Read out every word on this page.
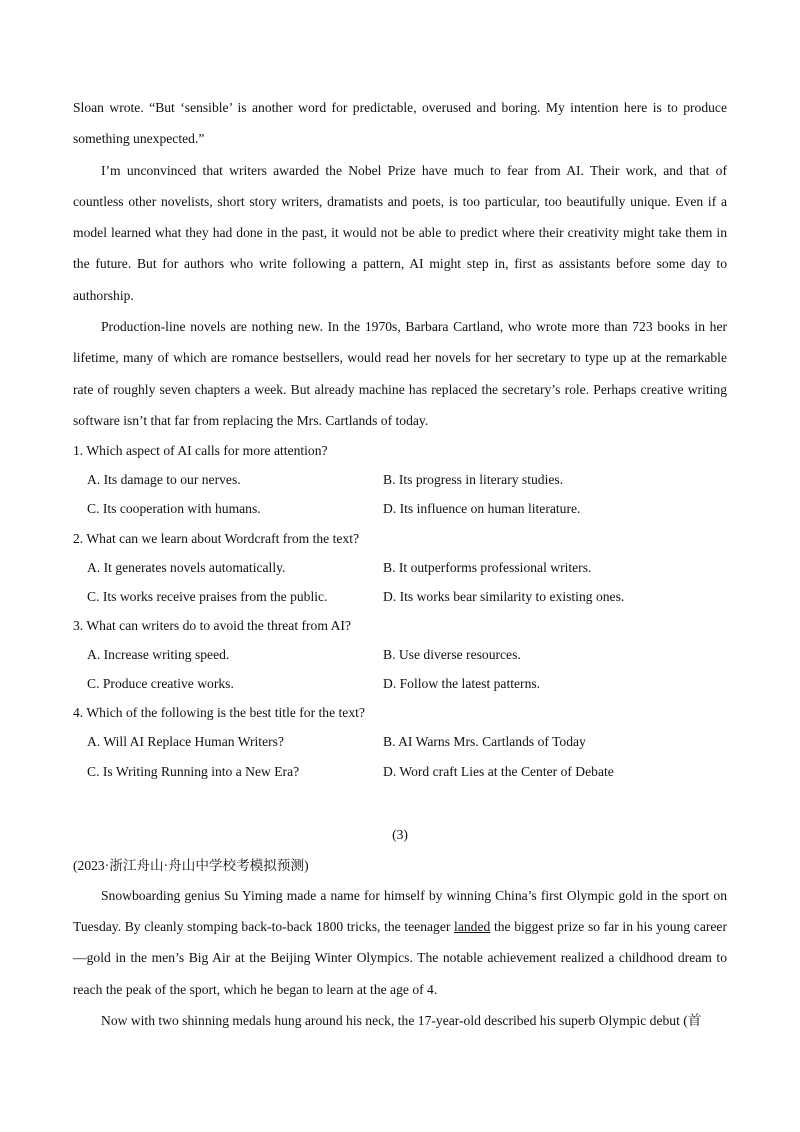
Sloan wrote. “But ‘sensible’ is another word for predictable, overused and boring. My intention here is to produce something unexpected.”

I’m unconvinced that writers awarded the Nobel Prize have much to fear from AI. Their work, and that of countless other novelists, short story writers, dramatists and poets, is too particular, too beautifully unique. Even if a model learned what they had done in the past, it would not be able to predict where their creativity might take them in the future. But for authors who write following a pattern, AI might step in, first as assistants before some day to authorship.

Production-line novels are nothing new. In the 1970s, Barbara Cartland, who wrote more than 723 books in her lifetime, many of which are romance bestsellers, would read her novels for her secretary to type up at the remarkable rate of roughly seven chapters a week. But already machine has replaced the secretary’s role. Perhaps creative writing software isn’t that far from replacing the Mrs. Cartlands of today.

1. Which aspect of AI calls for more attention?
A. Its damage to our nerves.	B. Its progress in literary studies.
C. Its cooperation with humans.	D. Its influence on human literature.
2. What can we learn about Wordcraft from the text?
A. It generates novels automatically.	B. It outperforms professional writers.
C. Its works receive praises from the public.	D. Its works bear similarity to existing ones.
3. What can writers do to avoid the threat from AI?
A. Increase writing speed.	B. Use diverse resources.
C. Produce creative works.	D. Follow the latest patterns.
4. Which of the following is the best title for the text?
A. Will AI Replace Human Writers?	B. AI Warns Mrs. Cartlands of Today
C. Is Writing Running into a New Era?	D. Word craft Lies at the Center of Debate
(3)
(2023·浙江舟山·舟山中学校考模拟预测)

Snowboarding genius Su Yiming made a name for himself by winning China’s first Olympic gold in the sport on Tuesday. By cleanly stomping back-to-back 1800 tricks, the teenager landed the biggest prize so far in his young career—gold in the men’s Big Air at the Beijing Winter Olympics. The notable achievement realized a childhood dream to reach the peak of the sport, which he began to learn at the age of 4.

Now with two shinning medals hung around his neck, the 17-year-old described his superb Olympic debut (首
